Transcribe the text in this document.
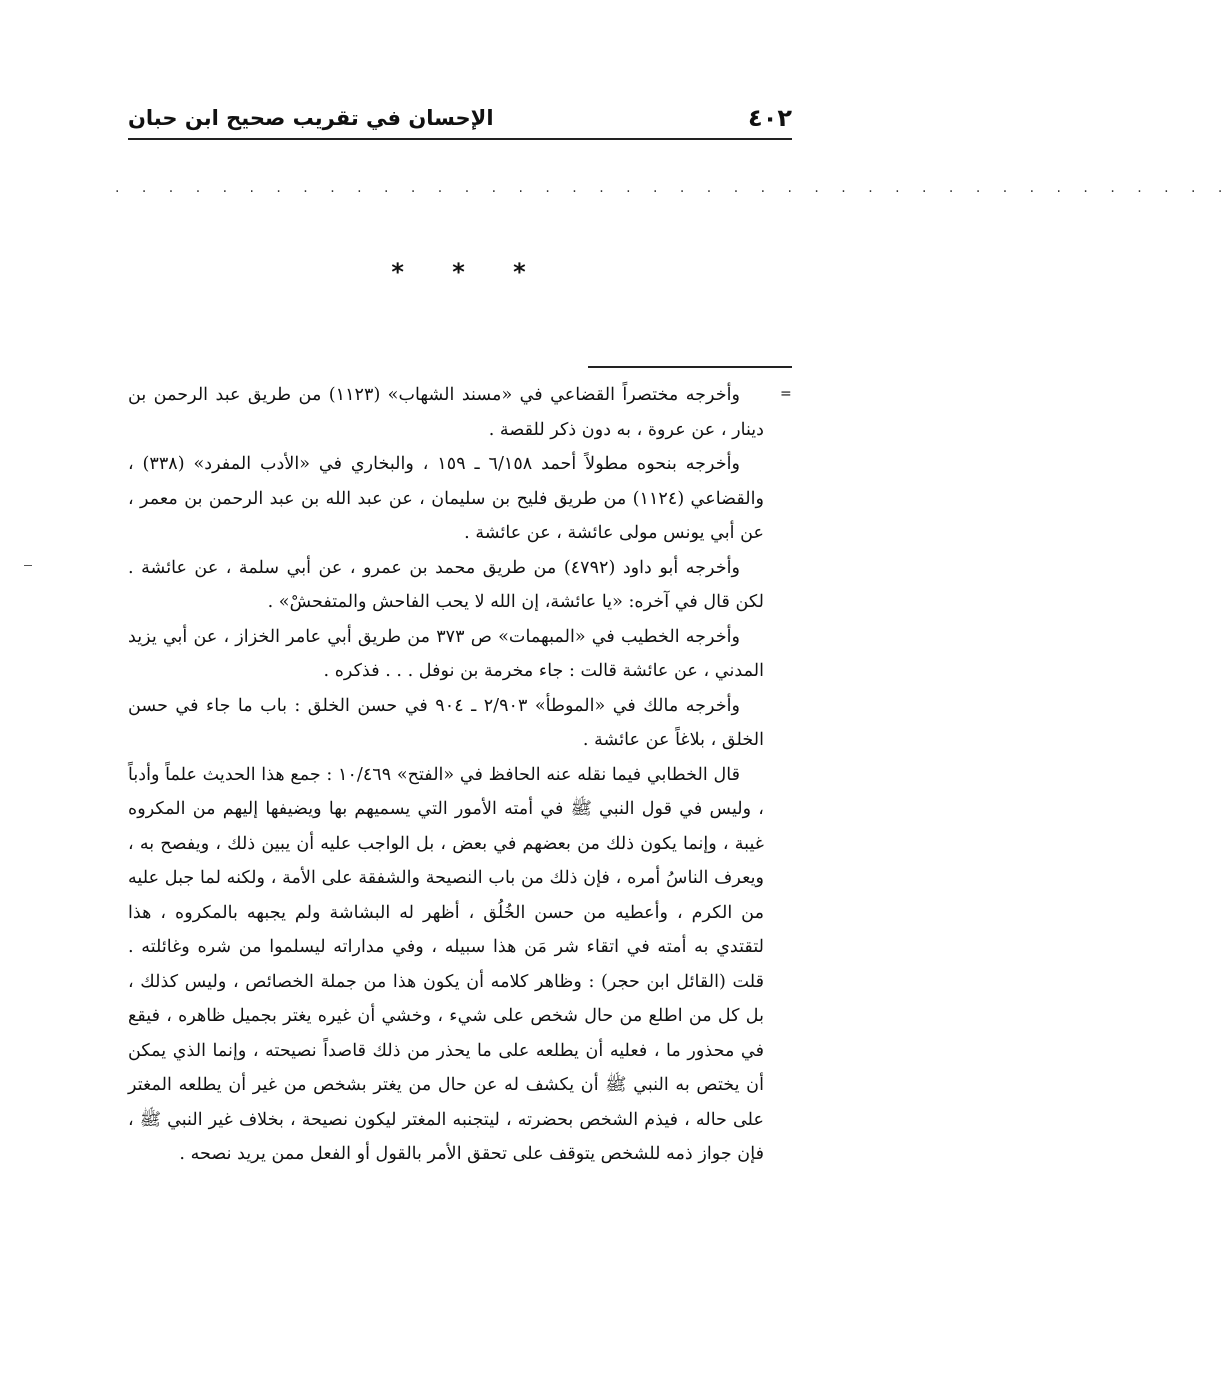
٤٠٢
الإحسان في تقريب صحيح ابن حبان
. . . . . . . . . . . . . . . . . . . . . . . . . . . . . . . . . . . . . . . . . .
* * *
=

وأخرجه مختصراً القضاعي في «مسند الشهاب» (١١٢٣) من طريق عبد الرحمن بن دينار ، عن عروة ، به دون ذكر للقصة .

وأخرجه بنحوه مطولاً أحمد ٦/١٥٨ ـ ١٥٩ ، والبخاري في «الأدب المفرد» (٣٣٨) ، والقضاعي (١١٢٤) من طريق فليح بن سليمان ، عن عبد الله بن عبد الرحمن بن معمر ، عن أبي يونس مولى عائشة ، عن عائشة .

وأخرجه أبو داود (٤٧٩٢) من طريق محمد بن عمرو ، عن أبي سلمة ، عن عائشة . لكن قال في آخره: «يا عائشة، إن الله لا يحب الفاحش والمتفحشْ» .

وأخرجه الخطيب في «المبهمات» ص ٣٧٣ من طريق أبي عامر الخزاز ، عن أبي يزيد المدني ، عن عائشة قالت : جاء مخرمة بن نوفل . . . فذكره .

وأخرجه مالك في «الموطأ» ٢/٩٠٣ ـ ٩٠٤ في حسن الخلق : باب ما جاء في حسن الخلق ، بلاغاً عن عائشة .

قال الخطابي فيما نقله عنه الحافظ في «الفتح» ١٠/٤٦٩ : جمع هذا الحديث علماً وأدباً ، وليس في قول النبي ﷺ في أمته الأمور التي يسميهم بها ويضيفها إليهم من المكروه غيبة ، وإنما يكون ذلك من بعضهم في بعض ، بل الواجب عليه أن يبين ذلك ، ويفصح به ، ويعرف الناسُ أمره ، فإن ذلك من باب النصيحة والشفقة على الأمة ، ولكنه لما جبل عليه من الكرم ، وأعطيه من حسن الخُلُق ، أظهر له البشاشة ولم يجبهه بالمكروه ، هذا لتقتدي به أمته في اتقاء شر مَن هذا سبيله ، وفي مداراته ليسلموا من شره وغائلته . قلت (القائل ابن حجر) : وظاهر كلامه أن يكون هذا من جملة الخصائص ، وليس كذلك ، بل كل من اطلع من حال شخص على شيء ، وخشي أن غيره يغتر بجميل ظاهره ، فيقع في محذور ما ، فعليه أن يطلعه على ما يحذر من ذلك قاصداً نصيحته ، وإنما الذي يمكن أن يختص به النبي ﷺ أن يكشف له عن حال من يغتر بشخص من غير أن يطلعه المغتر على حاله ، فيذم الشخص بحضرته ، ليتجنبه المغتر ليكون نصيحة ، بخلاف غير النبي ﷺ ، فإن جواز ذمه للشخص يتوقف على تحقق الأمر بالقول أو الفعل ممن يريد نصحه .
